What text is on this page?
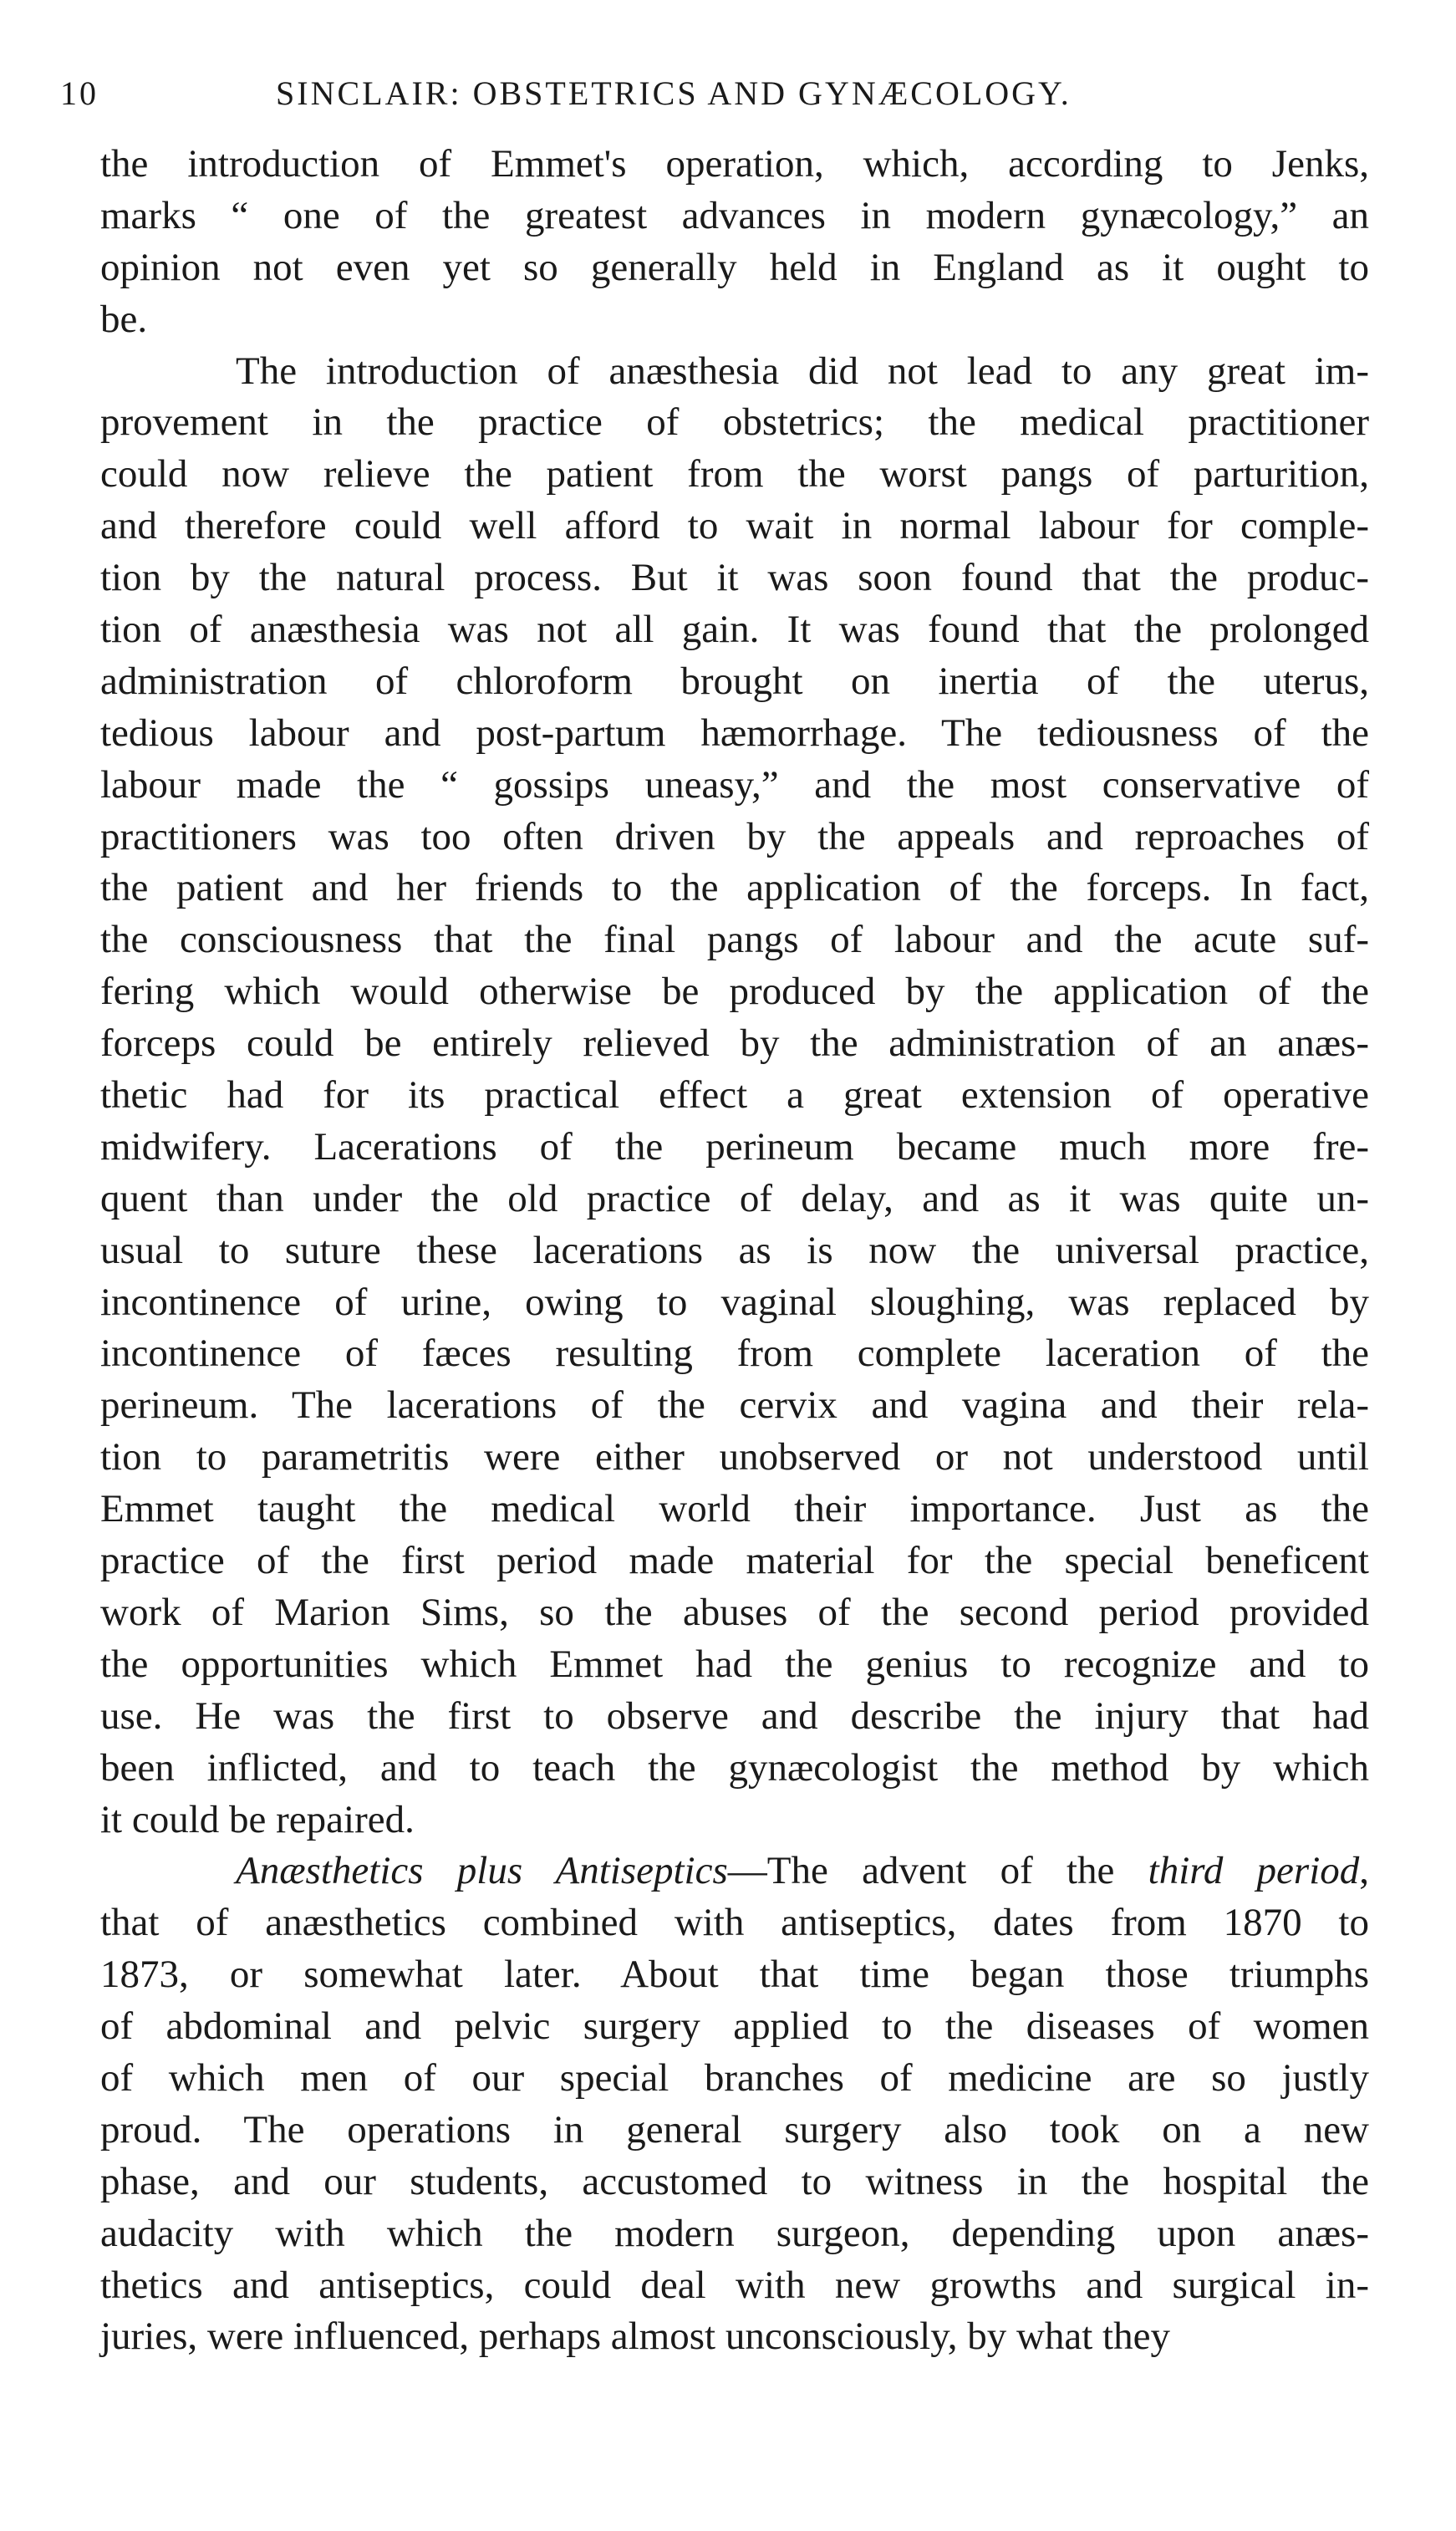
10	SINCLAIR: OBSTETRICS AND GYNÆCOLOGY.
the introduction of Emmet's operation, which, according to Jenks,
marks “ one of the greatest advances in modern gynæcology,” an
opinion not even yet so generally held in England as it ought to
be.
The introduction of anæsthesia did not lead to any great im-
provement in the practice of obstetrics; the medical practitioner
could now relieve the patient from the worst pangs of parturition,
and therefore could well afford to wait in normal labour for comple-
tion by the natural process. But it was soon found that the produc-
tion of anæsthesia was not all gain. It was found that the prolonged
administration of chloroform brought on inertia of the uterus,
tedious labour and post-partum hæmorrhage. The tediousness of the
labour made the “ gossips uneasy,” and the most conservative of
practitioners was too often driven by the appeals and reproaches of
the patient and her friends to the application of the forceps. In fact,
the consciousness that the final pangs of labour and the acute suf-
fering which would otherwise be produced by the application of the
forceps could be entirely relieved by the administration of an anæs-
thetic had for its practical effect a great extension of operative
midwifery. Lacerations of the perineum became much more fre-
quent than under the old practice of delay, and as it was quite un-
usual to suture these lacerations as is now the universal practice,
incontinence of urine, owing to vaginal sloughing, was replaced by
incontinence of fæces resulting from complete laceration of the
perineum. The lacerations of the cervix and vagina and their rela-
tion to parametritis were either unobserved or not understood until
Emmet taught the medical world their importance. Just as the
practice of the first period made material for the special beneficent
work of Marion Sims, so the abuses of the second period provided
the opportunities which Emmet had the genius to recognize and to
use. He was the first to observe and describe the injury that had
been inflicted, and to teach the gynæcologist the method by which
it could be repaired.
Anæsthetics plus Antiseptics—The advent of the third period,
that of anæsthetics combined with antiseptics, dates from 1870 to
1873, or somewhat later. About that time began those triumphs
of abdominal and pelvic surgery applied to the diseases of women
of which men of our special branches of medicine are so justly
proud. The operations in general surgery also took on a new
phase, and our students, accustomed to witness in the hospital the
audacity with which the modern surgeon, depending upon anæs-
thetics and antiseptics, could deal with new growths and surgical in-
juries, were influenced, perhaps almost unconsciously, by what they
